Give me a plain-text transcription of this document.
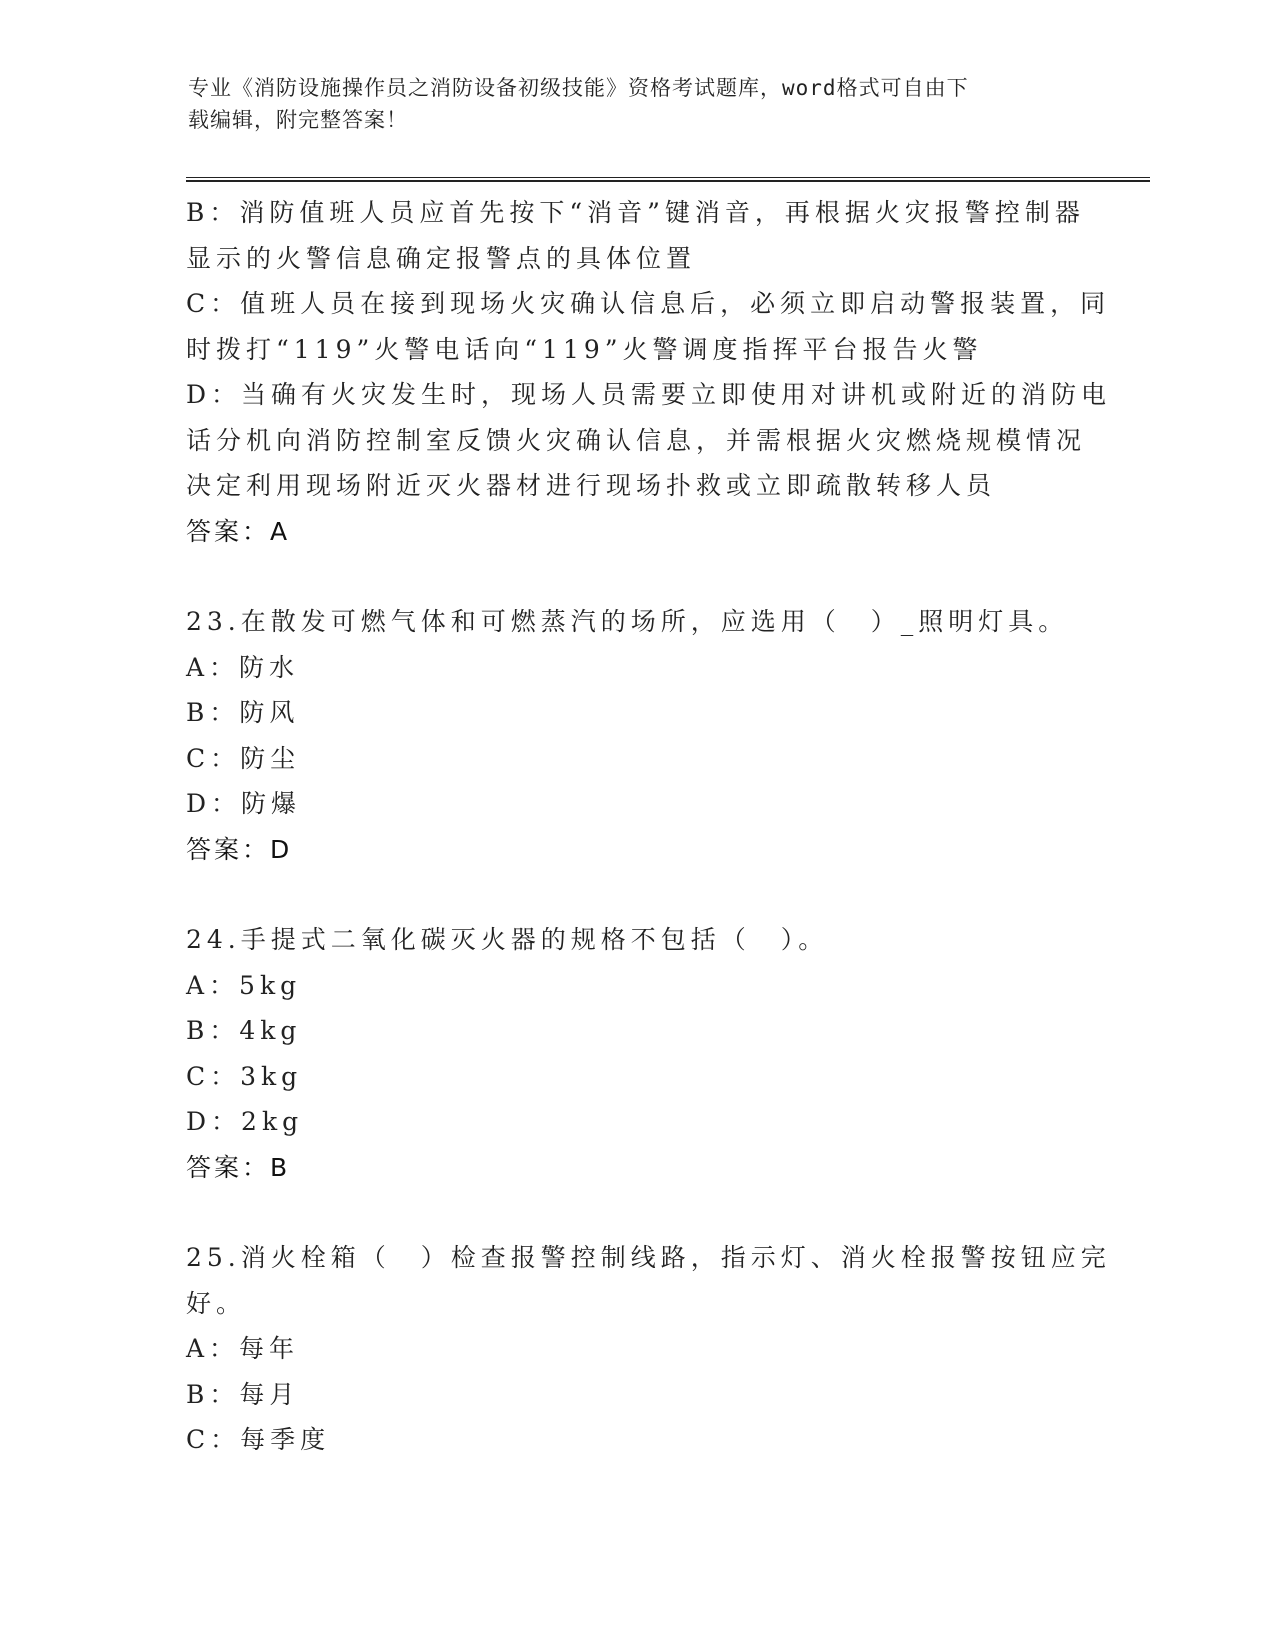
专业《消防设施操作员之消防设备初级技能》资格考试题库，word格式可自由下
载编辑，附完整答案！
B：消防值班人员应首先按下“消音”键消音，再根据火灾报警控制器
显示的火警信息确定报警点的具体位置
C：值班人员在接到现场火灾确认信息后，必须立即启动警报装置，同
时拨打“119”火警电话向“119”火警调度指挥平台报告火警
D：当确有火灾发生时，现场人员需要立即使用对讲机或附近的消防电
话分机向消防控制室反馈火灾确认信息，并需根据火灾燃烧规模情况
决定利用现场附近灭火器材进行现场扑救或立即疏散转移人员
答案：A
23.在散发可燃气体和可燃蒸汽的场所，应选用（　）_照明灯具。
A：防水
B：防风
C：防尘
D：防爆
答案：D
24.手提式二氧化碳灭火器的规格不包括（　）。
A：5kg
B：4kg
C：3kg
D：2kg
答案：B
25.消火栓箱（　）检查报警控制线路，指示灯、消火栓报警按钮应完
好。
A：每年
B：每月
C：每季度
